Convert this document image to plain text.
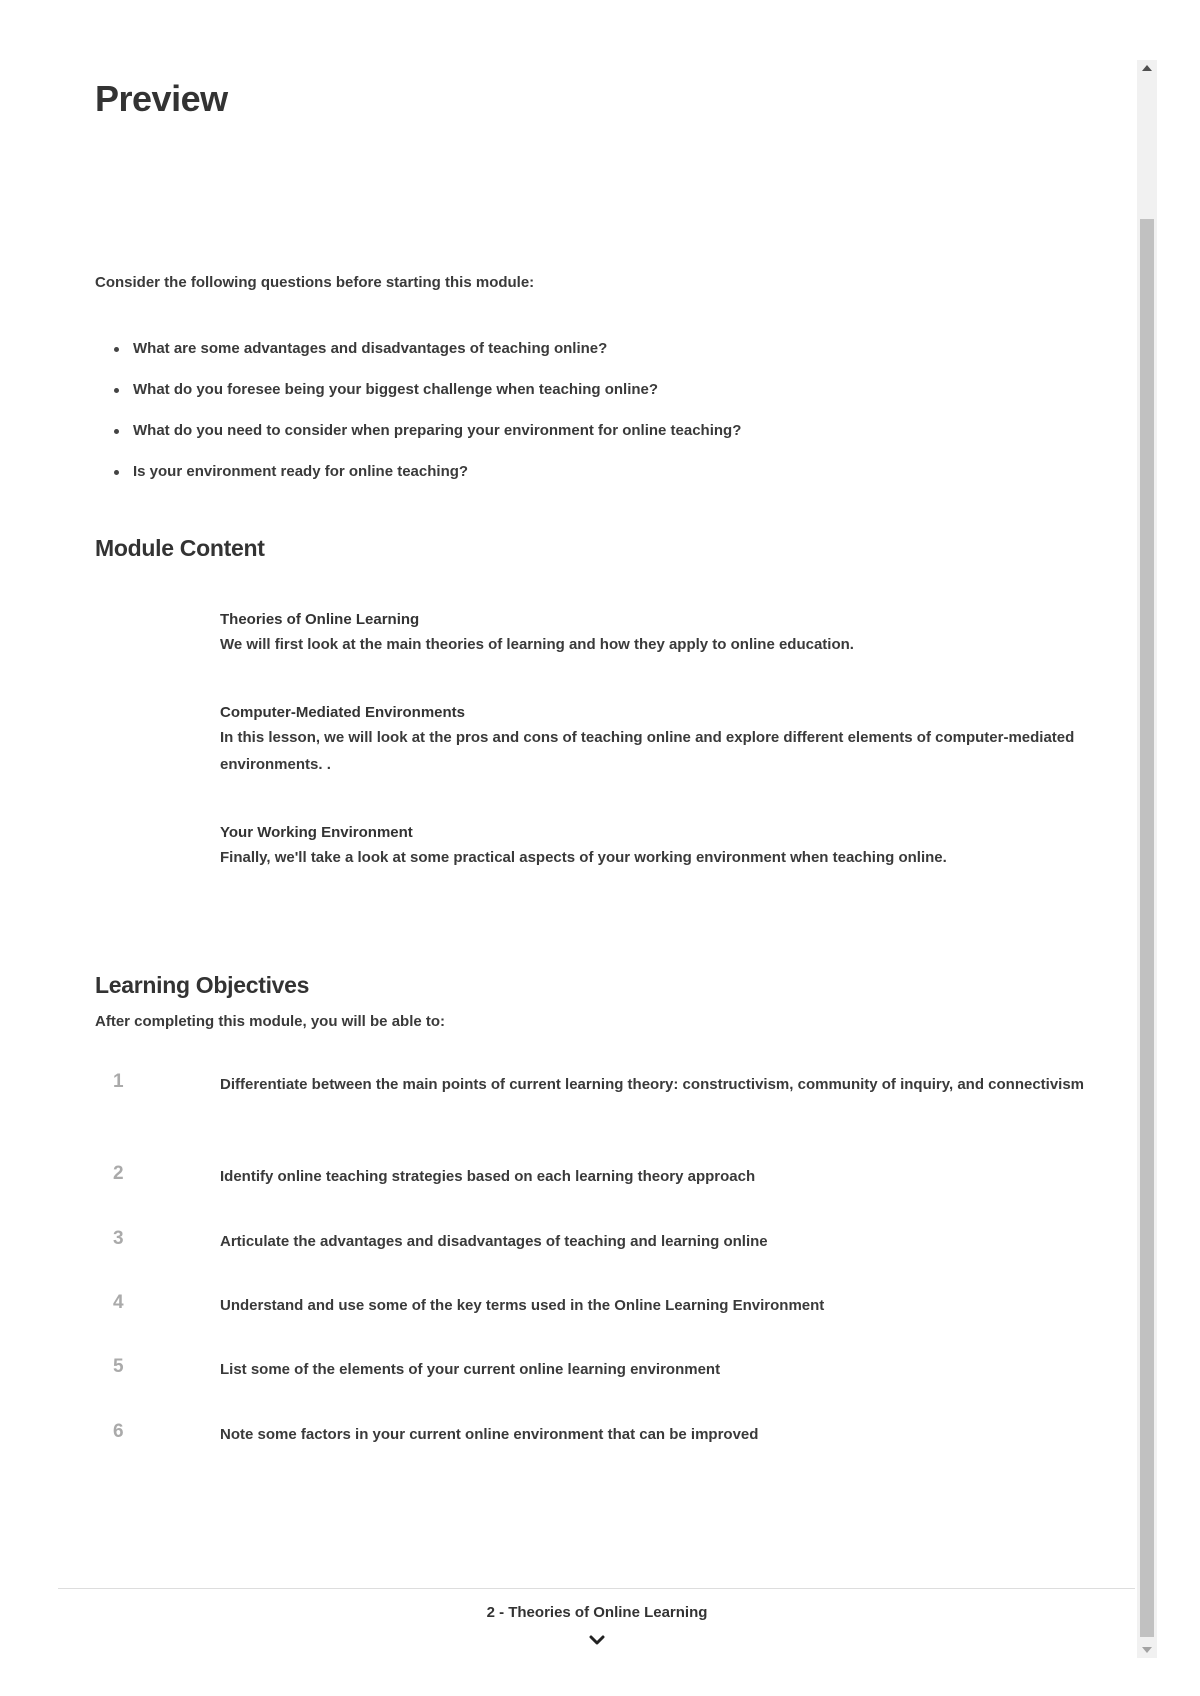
Preview
Consider the following questions before starting this module:
What are some advantages and disadvantages of teaching online?
What do you foresee being your biggest challenge when teaching online?
What do you need to consider when preparing your environment for online teaching?
Is your environment ready for online teaching?
Module Content
Theories of Online Learning
We will first look at the main theories of learning and how they apply to online education.
Computer-Mediated Environments
In this lesson, we will look at the pros and cons of teaching online and explore different elements of computer-mediated environments. .
Your Working Environment
Finally, we'll take a look at some practical aspects of your working environment when teaching online.
Learning Objectives
After completing this module, you will be able to:
1	Differentiate between the main points of current learning theory: constructivism, community of inquiry, and connectivism
2	Identify online teaching strategies based on each learning theory approach
3	Articulate the advantages and disadvantages of teaching and learning online
4	Understand and use some of the key terms used in the Online Learning Environment
5	List some of the elements of your current online learning environment
6	Note some factors in your current online environment that can be improved
2 - Theories of Online Learning
